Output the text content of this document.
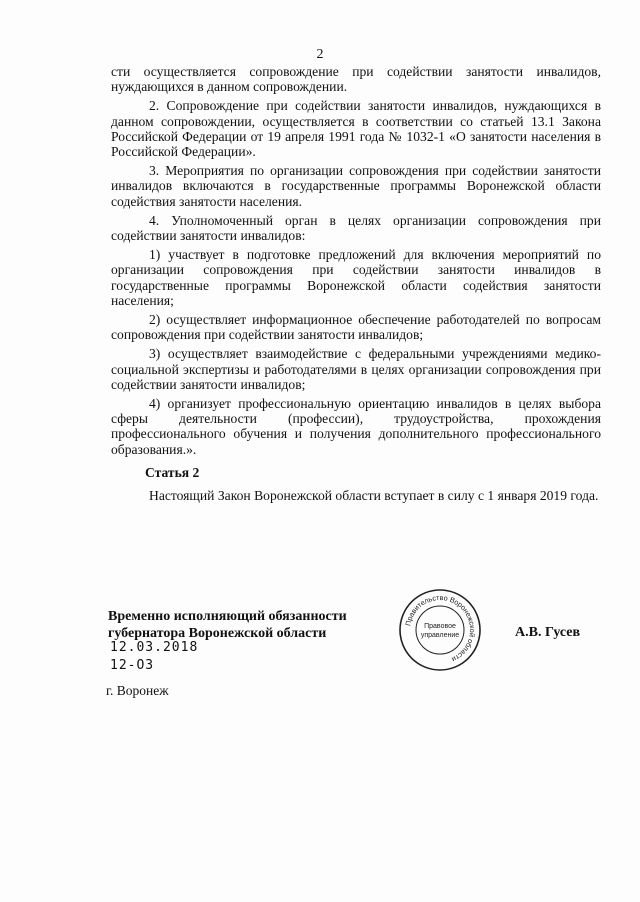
2

сти осуществляется сопровождение при содействии занятости инвалидов, нуждающихся в данном сопровождении.

2. Сопровождение при содействии занятости инвалидов, нуждающихся в данном сопровождении, осуществляется в соответствии со статьей 13.1 Закона Российской Федерации от 19 апреля 1991 года № 1032-1 «О занятости населения в Российской Федерации».

3. Мероприятия по организации сопровождения при содействии занятости инвалидов включаются в государственные программы Воронежской области содействия занятости населения.

4. Уполномоченный орган в целях организации сопровождения при содействии занятости инвалидов:

1) участвует в подготовке предложений для включения мероприятий по организации сопровождения при содействии занятости инвалидов в государственные программы Воронежской области содействия занятости населения;

2) осуществляет информационное обеспечение работодателей по вопросам сопровождения при содействии занятости инвалидов;

3) осуществляет взаимодействие с федеральными учреждениями медико-социальной экспертизы и работодателями в целях организации сопровождения при содействии занятости инвалидов;

4) организует профессиональную ориентацию инвалидов в целях выбора сферы деятельности (профессии), трудоустройства, прохождения профессионального обучения и получения дополнительного профессионального образования.».

Статья 2

Настоящий Закон Воронежской области вступает в силу с 1 января 2019 года.

Временно исполняющий обязанности
губернатора Воронежской области
12.03.2018
12-ОЗ
г. Воронеж
А.В. Гусев
Правительство Воронежской области
Правовое
управление
